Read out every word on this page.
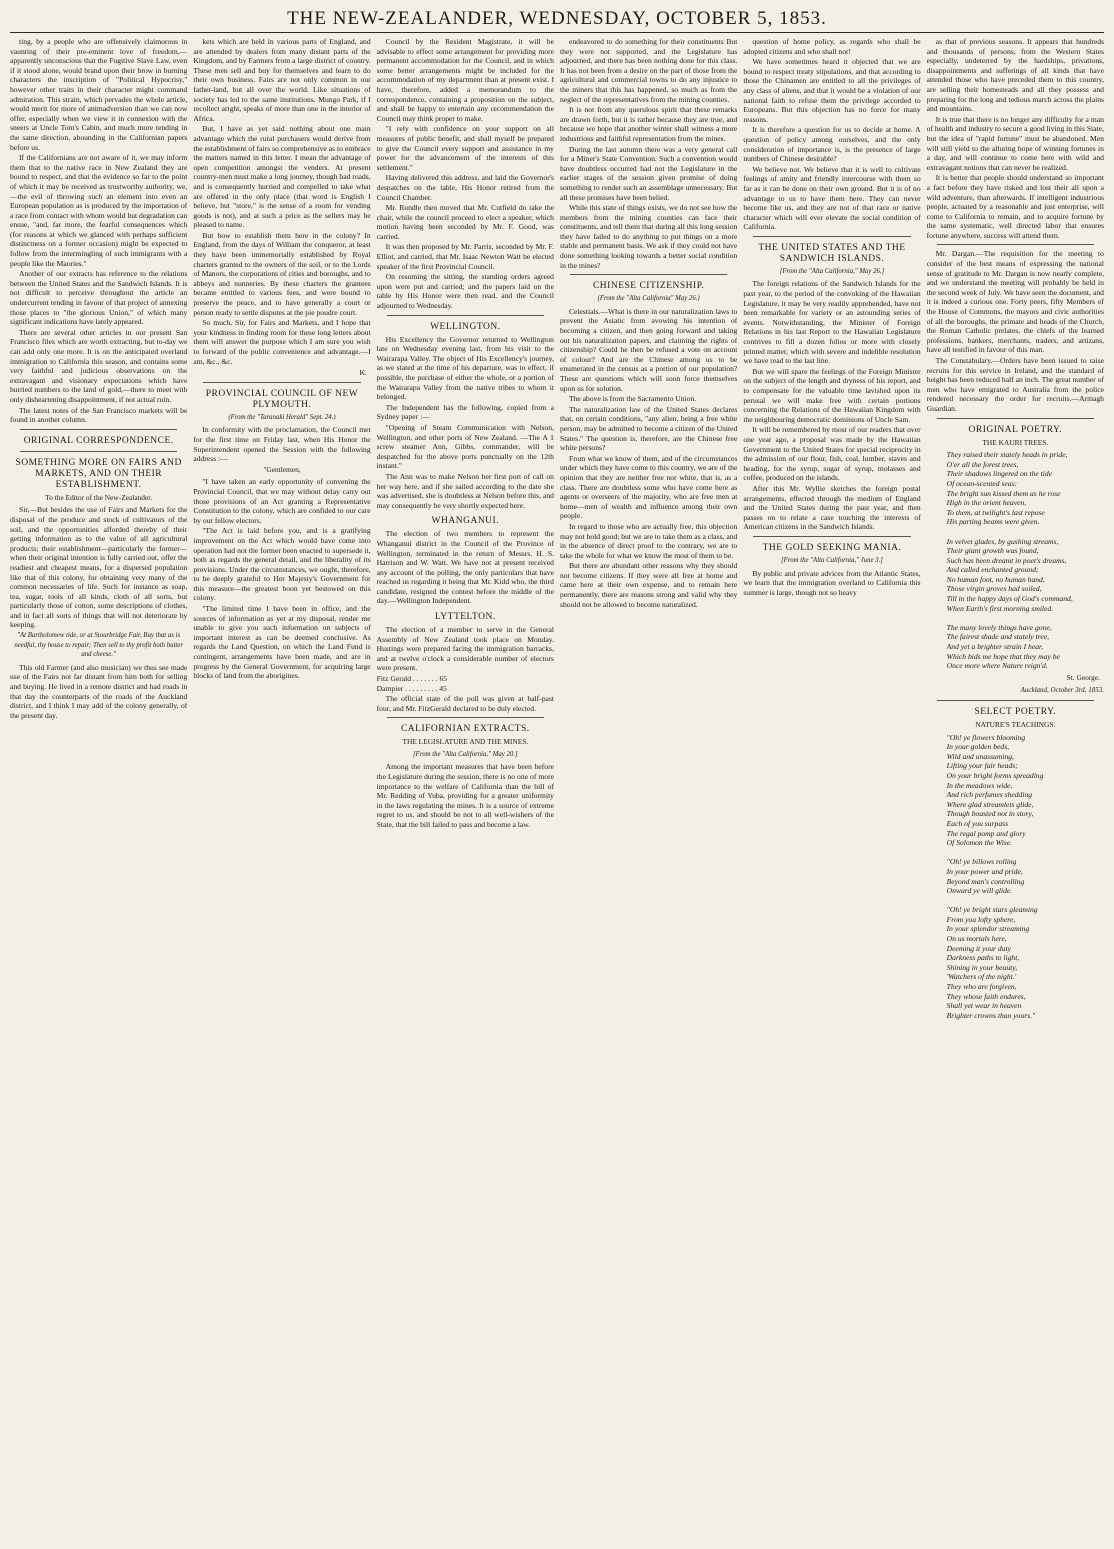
THE NEW-ZEALANDER, WEDNESDAY, OCTOBER 5, 1853.

ting, by a people who are offensively claimorous in vaunting of their pre-eminent love of freedom,—apparently unconscious that the Fugitive Slave Law, even if it stood alone, would brand upon their brow in burning characters the inscription of "Political Hypocrisy," however other traits in their character might command admiration. This strain, which pervades the whole article, would merit for more of animadversion than we can now offer, especially when we view it in connexion with the sneers at Uncle Tom's Cabin, and much more tending in the same direction, abounding in the Californian papers before us.

If the Californians are not aware of it, we may inform them that to the native race in New Zealand they are bound to respect, and that the evidence so far to the point of which it may be received as trustworthy authority, we,—the evil of throwing such an element into even an European population as is produced by the importation of a race from contact with whom would but degradation can ensue, "and, far more, the fearful consequences which (for reasons at which we glanced with perhaps sufficient distinctness on a former occasion) might be expected to follow from the intermingling of such immigrants with a people like the Maories."

Another of our extracts has reference to the relations between the United States and the Sandwich Islands. It is not difficult to perceive throughout the article an undercurrent tending in favour of that project of annexing those places to "the glorious Union," of which many significant indications have lately appeared.

There are several other articles in our present San Francisco files which are worth extracting, but to-day we can add only one more. It is on the anticipated overland immigration to California this season, and contains some very faithful and judicious observations on the extravagant and visionary expectations which have hurried numbers to the land of gold,—there to meet with only disheartening disappointment, if not actual ruin.

The latest notes of the San Francisco markets will be found in another column.

ORIGINAL CORRESPONDENCE.
SOMETHING MORE ON FAIRS AND MARKETS, AND ON THEIR ESTABLISHMENT.
To the Editor of the New-Zealander.

Sir,—But besides the use of Fairs and Markets for the disposal of the produce and stock of cultivators of the soil, and the opportunities afforded thereby of their getting information as to the value of all agricultural products; their establishment—particularly the former—when their original intention is fully carried out, offer the readiest and cheapest means, for a dispersed population like that of this colony, for obtaining very many of the common necessaries of life. Such for instance as soap, tea, sugar, tools of all kinds, cloth of all sorts, but particularly those of cotton, some descriptions of clothes, and in fact all sorts of things that will not deteriorate by keeping.

"At Bartholomew tide, or at Stourbridge Fair, Buy that as is needful, thy house to repair; Then sell to thy profit both butter and cheese."

This old Farmer (and also musician) we thus see made use of the Fairs not far distant from him both for selling and buying. He lived in a remote district and had roads in that day the counterparts of the roads of the Auckland district, and I think I may add of the colony generally, of the present day.

kets which are held in various parts of England, and are attended by dealers from many distant parts of the Kingdom, and by Farmers from a large district of country. These men sell and buy for themselves and learn to do their own business. Fairs are not only common in our father-land, but all over the world. Like situations of society has led to the same institutions. Mungo Park, if I recollect aright, speaks of more than one in the interior of Africa.

But, I have as yet said nothing about one main advantage which the rural purchasers would derive from the establishment of fairs so comprehensive as to embrace the matters named in this letter. I mean the advantage of open competition amongst the venders. At present country-men must make a long journey, though bad roads, and is consequently hurried and compelled to take what are offered in the only place (that word is English I believe, but "store," is the sense of a room for vending goods is not), and at such a price as the sellers may be pleased to name.

But how to establish them here in the colony? In England, from the days of William the conqueror, at least they have been immemorially established by Royal charters granted to the owners of the soil, or to the Lords of Manors, the corporations of cities and boroughs, and to abbeys and nunneries. By these charters the grantees became entitled to various fees, and were bound to preserve the peace, and to have generally a court or person ready to settle disputes at the pie poudre court.

So much, Sir, for Fairs and Markets, and I hope that your kindness in finding room for these long letters about them will answer the purpose which I am sure you wish to forward of the public convenience and advantage.—I am, &c., &c.

K.
PROVINCIAL COUNCIL OF NEW PLYMOUTH.
(From the "Taranaki Herald" Sept. 24.)

In conformity with the proclamation, the Council met for the first time on Friday last, when His Honor the Superintendent opened the Session with the following address :—

"Gentlemen,

"I have taken an early opportunity of convening the Provincial Council, that we may without delay carry out those provisions of an Act granting a Representative Constitution to the colony, which are confided to our care by our fellow electors.

"The Act is laid before you, and is a gratifying improvement on the Act which would have come into operation had not the former been enacted to supersede it, both as regards the general detail, and the liberality of its provisions. Under the circumstances, we ought, therefore, to be deeply grateful to Her Majesty's Government for this measure—the greatest boon yet bestowed on this colony.

"The limited time I have been in office, and the sources of information as yet at my disposal, render me unable to give you such information on subjects of important interest as can be deemed conclusive. As regards the Land Question, on which the Land Fund is contingent, arrangements have been made, and are in progress by the General Government, for acquiring large blocks of land from the aborigines.

Council by the Resident Magistrate, it will be advisable to effect some arrangement for providing more permanent accommodation for the Council, and in which some better arrangements might be included for the accommodation of my department than at present exist. I have, therefore, added a memorandum to the correspondence, containing a proposition on the subject, and shall be happy to entertain any recommendation the Council may think proper to make.

"I rely with confidence on your support on all measures of public benefit, and shall myself be prepared to give the Council every support and assistance in my power for the advancement of the interests of this settlement."

Having delivered this address, and laid the Governor's despatches on the table, His Honor retired from the Council Chamber.

Mr. Rundle then moved that Mr. Cutfield do take the chair, while the council proceed to elect a speaker, which motion having been seconded by Mr. F. Good, was carried.

It was then proposed by Mr. Parris, seconded by Mr. F. Elliot, and carried, that Mr. Isaac Newton Watt be elected speaker of the first Provincial Council.

On resuming the sitting, the standing orders agreed upon were put and carried; and the papers laid on the table by His Honor were then read, and the Council adjourned to Wednesday.

WELLINGTON.

His Excellency the Governor returned to Wellington late on Wednesday evening last, from his visit to the Wairarapa Valley. The object of His Excellency's journey, as we stated at the time of his departure, was to effect, if possible, the purchase of either the whole, or a portion of the Wairarapa Valley from the native tribes to whom it belonged.

The Independent has the following, copied from a Sydney paper :—

"Opening of Steam Communication with Nelson, Wellington, and other ports of New Zealand. —The A 1 screw steamer Ann, Gibbs, commander, will be despatched for the above ports punctually on the 12th instant."

The Ann was to make Nelson her first port of call on her way here, and if she sailed according to the date she was advertised, she is doubtless at Nelson before this, and may consequently be very shortly expected here.

WHANGANUI.

The election of two members to represent the Whanganui district in the Council of the Province of Wellington, terminated in the return of Messrs. H. S. Harrison and W. Watt. We have not at present received any account of the polling, the only particulars that have reached us regarding it being that Mr. Kidd who, the third candidate, resigned the contest before the middle of the day.—Wellington Independent.

LYTTELTON.

The election of a member to serve in the General Assembly of New Zealand took place on Monday. Hustings were prepared facing the immigration barracks, and at twelve o'clock a considerable number of electors were present.

Fitz Gerald . . . . . . . 65
Dampier . . . . . . . . . 45

The official state of the poll was given at half-past four, and Mr. FitzGerald declared to be duly elected.

CALIFORNIAN EXTRACTS.
THE LEGISLATURE AND THE MINES.
[From the "Alta California," May 20.]

Among the important measures that have been before the Legislature during the session, there is no one of more importance to the welfare of California than the bill of Mr. Redding of Yuba, providing for a greater uniformity in the laws regulating the mines. It is a source of extreme regret to us, and should be not to all well-wishers of the State, that the bill failed to pass and become a law.

endeavored to do something for their constituents But they were not supported, and the Legislature has adjourned, and there has been nothing done for this class. It has not been from a desire on the part of those from the agricultural and commercial towns to do any injustice to the miners that this has happened, so much as from the neglect of the representatives from the mining counties.

It is not from any querulous spirit that these remarks are drawn forth, but it is rather because they are true, and because we hope that another winter shall witness a more industrious and faithful representation from the mines.

During the last autumn there was a very general call for a Miner's State Convention. Such a convention would have doubtless occurred had not the Legislature in the earlier stages of the session given promise of doing something to render such an assemblage unnecessary. But all these promises have been belied.

While this state of things exists, we do not see how the members from the mining counties can face their constituents, and tell them that during all this long session they have failed to do anything to put things on a more stable and permanent basis. We ask if they could not have done something looking towards a better social condition in the mines?

CHINESE CITIZENSHIP.
(From the "Alta California" May 26.)

Celestials.—What is there in our naturalization laws to prevent the Asiatic from avowing his intention of becoming a citizen, and then going forward and taking out his naturalization papers, and claiming the rights of citizenship? Could he then be refused a vote on account of colour? And are the Chinese among us to be enumerated in the census as a portion of our population? These are questions which will soon force themselves upon us for solution.

The above is from the Sacramento Union.

The naturalization law of the United States declares that, on certain conditions, "any alien, being a free white person, may be admitted to become a citizen of the United States." The question is, therefore, are the Chinese free white persons?

From what we know of them, and of the circumstances under which they have come to this country, we are of the opinion that they are neither free nor white, that is, as a class. There are doubtless some who have come here as agents or overseers of the majority, who are free men at home—men of wealth and influence among their own people.

In regard to those who are actually free, this objection may not hold good; but we are to take them as a class, and in the absence of direct proof to the contrary, we are to take the whole for what we know the most of them to be.

But there are abundant other reasons why they should not become citizens. If they were all free at home and came here at their own expense, and to remain here permanently, there are reasons strong and valid why they should not be allowed to become naturalized.

question of home policy, as regards who shall be adopted citizens and who shall not!

We have sometimes heard it objected that we are bound to respect treaty stipulations, and that according to those the Chinamen are entitled to all the privileges of any class of aliens, and that it would be a violation of our national faith to refuse them the privilege accorded to Europeans. But this objection has no force for many reasons.

It is therefore a question for us to decide at home. A question of policy among ourselves, and the only consideration of importance is, is the presence of large numbers of Chinese desirable?

We believe not. We believe that it is well to cultivate feelings of amity and friendly intercourse with them so far as it can be done on their own ground. But it is of no advantage to us to have them here. They can never become like us, and they are not of that race or native character which will ever elevate the social condition of California.

THE UNITED STATES AND THE SANDWICH ISLANDS.
[From the "Alta California," May 26.]

The foreign relations of the Sandwich Islands for the past year, to the period of the convoking of the Hawaiian Legislature, it may be very readily apprehended, have not been remarkable for variety or an astounding series of events. Notwithstanding, the Minister of Foreign Relations in his last Report to the Hawaiian Legislature contrives to fill a dozen folios or more with closely printed matter, which with severe and indelible resolution we have read to the last line.

But we will spare the feelings of the Foreign Minister on the subject of the length and dryness of his report, and to compensate for the valuable time lavished upon its perusal we will make free with certain portions concerning the Relations of the Hawaiian Kingdom with the neighbouring democratic dominions of Uncle Sam.

It will be remembered by most of our readers that over one year ago, a proposal was made by the Hawaiian Government to the United States for special reciprocity in the admission of our flour, fish, coal, lumber, staves and heading, for the syrup, sugar of syrup, molasses and coffee, produced on the islands.

After this Mr. Wyllie sketches the foreign postal arrangements, effected through the medium of England and the United States during the past year, and then passes on to relate a case touching the interests of American citizens in the Sandwich Islands.

THE GOLD SEEKING MANIA.
[From the "Alta California," June 3.]

By public and private advices from the Atlantic States, we learn that the immigration overland to California this summer is large, though not so heavy

as that of previous seasons. It appears that hundreds and thousands of persons, from the Western States especially, undeterred by the hardships, privations, disappointments and sufferings of all kinds that have attended those who have preceded them to this country, are selling their homesteads and all they possess and preparing for the long and tedious march across the plains and mountains.

It is true that there is no longer any difficulty for a man of health and industry to secure a good living in this State, but the idea of "rapid fortune" must be abandoned. Men will still yield to the alluring hope of winning fortunes in a day, and will continue to come here with wild and extravagant notions that can never be realized.

It is better that people should understand so important a fact before they have risked and lost their all upon a wild adventure, than afterwards. If intelligent industrious people, actuated by a reasonable and just enterprise, will come to California to remain, and to acquire fortune by the same systematic, well directed labor that ensures fortune anywhere, success will attend them.

Mr. Dargan.—The requisition for the meeting to consider of the best means of expressing the national sense of gratitude to Mr. Dargan is now nearly complete, and we understand the meeting will probably be held in the second week of July. We have seen the document, and it is indeed a curious one. Forty peers, fifty Members of the House of Commons, the mayors and civic authorities of all the boroughs, the primate and heads of the Church, the Roman Catholic prelates, the chiefs of the learned professions, bankers, merchants, traders, and artizans, have all testified in favour of this man.

The Constabulary.—Orders have been issued to raise recruits for this service in Ireland, and the standard of height has been reduced half an inch. The great number of men who have emigrated to Australia from the police rendered necessary the order for recruits.—Armagh Guardian.

ORIGINAL POETRY.
THE KAURI TREES.
They raised their stately heads in pride,
O'er all the forest trees,
Their shadows lingered on the tide
Of ocean-scented seas:
The bright sun kissed them as he rose
High in the orient heaven,
To them, at twilight's last repose
His parting beams were given.

In velvet glades, by gushing streams,
Their giant growth was found,
Such has been dreamt in poet's dreams,
And called enchanted ground;
No human foot, no human hand,
Those virgin groves had soiled,
Till in the happy days of God's command,
When Earth's first morning smiled.

The many lovely things have gone,
The fairest shade and stately tree,
And yet a brighter strain I hear,
Which bids me hope that they may be
Once more where Nature reign'd.
St. George.
Auckland, October 3rd, 1853.
SELECT POETRY.
NATURE'S TEACHINGS.
"Oh! ye flowers blooming
In your golden beds,
Wild and unassuming,
Lifting your fair heads;
On your bright forms spreading
In the meadows wide,
And rich perfumes shedding
Where glad streamlets glide,
Though boasted not in story,
Each of you surpass
The regal pomp and glory
Of Solomon the Wise.

"Oh! ye billows rolling
In your power and pride,
Beyond man's controlling
Onward ye will glide.

"Oh! ye bright stars gleaming
From you lofty sphere,
In your splendor streaming
On us mortals here,
Deeming it your duty
Darkness paths to light,
Shining in your beauty,
'Watchers of the night.'
They who are forgiven,
They whose faith endures,
Shall yet wear in heaven
Brighter crowns than yours."
